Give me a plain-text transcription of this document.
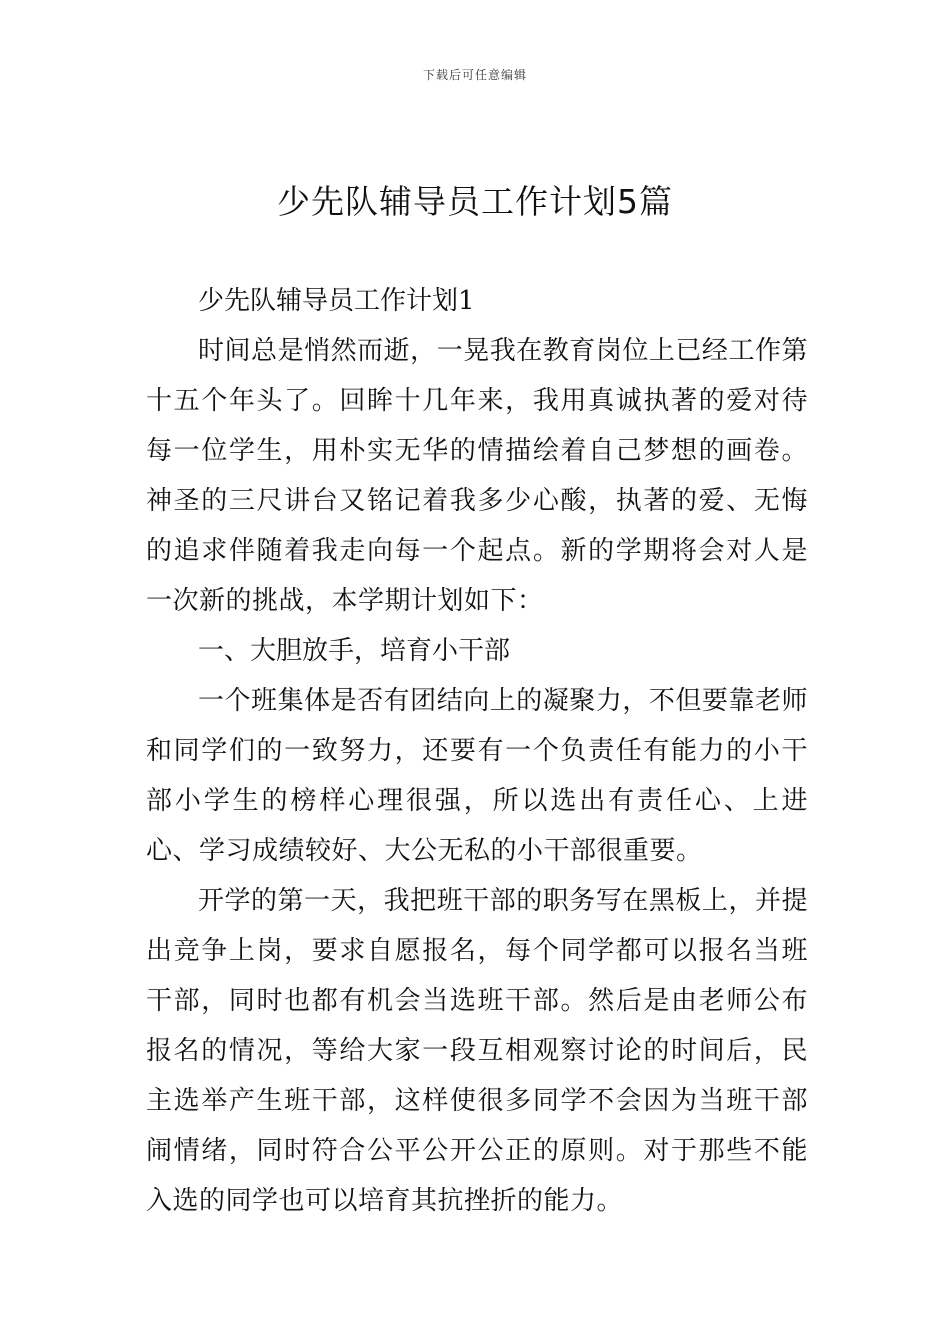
下载后可任意编辑
少先队辅导员工作计划5篇

少先队辅导员工作计划1

时间总是悄然而逝，一晃我在教育岗位上已经工作第十五个年头了。回眸十几年来，我用真诚执著的爱对待每一位学生，用朴实无华的情描绘着自己梦想的画卷。神圣的三尺讲台又铭记着我多少心酸，执著的爱、无悔的追求伴随着我走向每一个起点。新的学期将会对人是一次新的挑战，本学期计划如下：

一、大胆放手，培育小干部

一个班集体是否有团结向上的凝聚力，不但要靠老师和同学们的一致努力，还要有一个负责任有能力的小干部小学生的榜样心理很强，所以选出有责任心、上进心、学习成绩较好、大公无私的小干部很重要。

开学的第一天，我把班干部的职务写在黑板上，并提出竞争上岗，要求自愿报名，每个同学都可以报名当班干部，同时也都有机会当选班干部。然后是由老师公布报名的情况，等给大家一段互相观察讨论的时间后，民主选举产生班干部，这样使很多同学不会因为当班干部闹情绪，同时符合公平公开公正的原则。对于那些不能入选的同学也可以培育其抗挫折的能力。
